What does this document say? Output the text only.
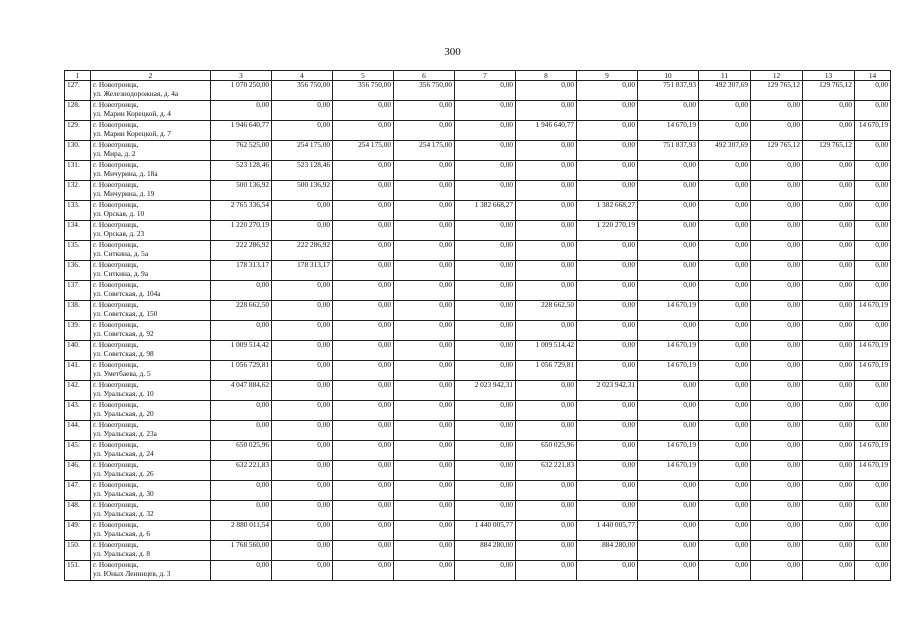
300
1	2	3	4	5	6	7	8	9	10	11	12	13	14
127.	г. Новотроицк,
ул. Железнодорожная, д. 4а	1 070 250,00	356 750,00	356 750,00	356 750,00	0,00	0,00	0,00	751 837,93	492 307,69	129 765,12	129 765,12	0,00
128.	г. Новотроицк,
ул. Марии Корецкой, д. 4	0,00	0,00	0,00	0,00	0,00	0,00	0,00	0,00	0,00	0,00	0,00	0,00
129.	г. Новотроицк,
ул. Марии Корецкой, д. 7	1 946 640,77	0,00	0,00	0,00	0,00	1 946 640,77	0,00	14 670,19	0,00	0,00	0,00	14 670,19
130.	г. Новотроицк,
ул. Мира, д. 2	762 525,00	254 175,00	254 175,00	254 175,00	0,00	0,00	0,00	751 837,93	492 307,69	129 765,12	129 765,12	0,00
131.	г. Новотроицк,
ул. Мичурина, д. 18а	523 128,46	523 128,46	0,00	0,00	0,00	0,00	0,00	0,00	0,00	0,00	0,00	0,00
132.	г. Новотроицк,
ул. Мичурина, д. 19	500 136,92	500 136,92	0,00	0,00	0,00	0,00	0,00	0,00	0,00	0,00	0,00	0,00
133.	г. Новотроицк,
ул. Орская, д. 10	2 765 336,54	0,00	0,00	0,00	1 382 668,27	0,00	1 382 668,27	0,00	0,00	0,00	0,00	0,00
134.	г. Новотроицк,
ул. Орская, д. 23	1 220 270,19	0,00	0,00	0,00	0,00	0,00	1 220 270,19	0,00	0,00	0,00	0,00	0,00
135.	г. Новотроицк,
ул. Ситкина, д. 5а	222 286,92	222 286,92	0,00	0,00	0,00	0,00	0,00	0,00	0,00	0,00	0,00	0,00
136.	г. Новотроицк,
ул. Ситкина, д. 9а	178 313,17	178 313,17	0,00	0,00	0,00	0,00	0,00	0,00	0,00	0,00	0,00	0,00
137.	г. Новотроицк,
ул. Советская, д. 104а	0,00	0,00	0,00	0,00	0,00	0,00	0,00	0,00	0,00	0,00	0,00	0,00
138.	г. Новотроицк,
ул. Советская, д. 150	228 662,50	0,00	0,00	0,00	0,00	228 662,50	0,00	14 670,19	0,00	0,00	0,00	14 670,19
139.	г. Новотроицк,
ул. Советская, д. 92	0,00	0,00	0,00	0,00	0,00	0,00	0,00	0,00	0,00	0,00	0,00	0,00
140.	г. Новотроицк,
ул. Советская, д. 98	1 009 514,42	0,00	0,00	0,00	0,00	1 009 514,42	0,00	14 670,19	0,00	0,00	0,00	14 670,19
141.	г. Новотроицк,
ул. Уметбаева, д. 5	1 056 729,81	0,00	0,00	0,00	0,00	1 056 729,81	0,00	14 670,19	0,00	0,00	0,00	14 670,19
142.	г. Новотроицк,
ул. Уральская, д. 10	4 047 884,62	0,00	0,00	0,00	2 023 942,31	0,00	2 023 942,31	0,00	0,00	0,00	0,00	0,00
143.	г. Новотроицк,
ул. Уральская, д. 20	0,00	0,00	0,00	0,00	0,00	0,00	0,00	0,00	0,00	0,00	0,00	0,00
144.	г. Новотроицк,
ул. Уральская, д. 23а	0,00	0,00	0,00	0,00	0,00	0,00	0,00	0,00	0,00	0,00	0,00	0,00
145.	г. Новотроицк,
ул. Уральская, д. 24	650 025,96	0,00	0,00	0,00	0,00	650 025,96	0,00	14 670,19	0,00	0,00	0,00	14 670,19
146.	г. Новотроицк,
ул. Уральская, д. 26	632 221,83	0,00	0,00	0,00	0,00	632 221,83	0,00	14 670,19	0,00	0,00	0,00	14 670,19
147.	г. Новотроицк,
ул. Уральская, д. 30	0,00	0,00	0,00	0,00	0,00	0,00	0,00	0,00	0,00	0,00	0,00	0,00
148.	г. Новотроицк,
ул. Уральская, д. 32	0,00	0,00	0,00	0,00	0,00	0,00	0,00	0,00	0,00	0,00	0,00	0,00
149.	г. Новотроицк,
ул. Уральская, д. 6	2 880 011,54	0,00	0,00	0,00	1 440 005,77	0,00	1 440 005,77	0,00	0,00	0,00	0,00	0,00
150.	г. Новотроицк,
ул. Уральская, д. 8	1 768 560,00	0,00	0,00	0,00	884 280,00	0,00	884 280,00	0,00	0,00	0,00	0,00	0,00
151.	г. Новотроицк,
ул. Юных Ленинцев, д. 3	0,00	0,00	0,00	0,00	0,00	0,00	0,00	0,00	0,00	0,00	0,00	0,00
